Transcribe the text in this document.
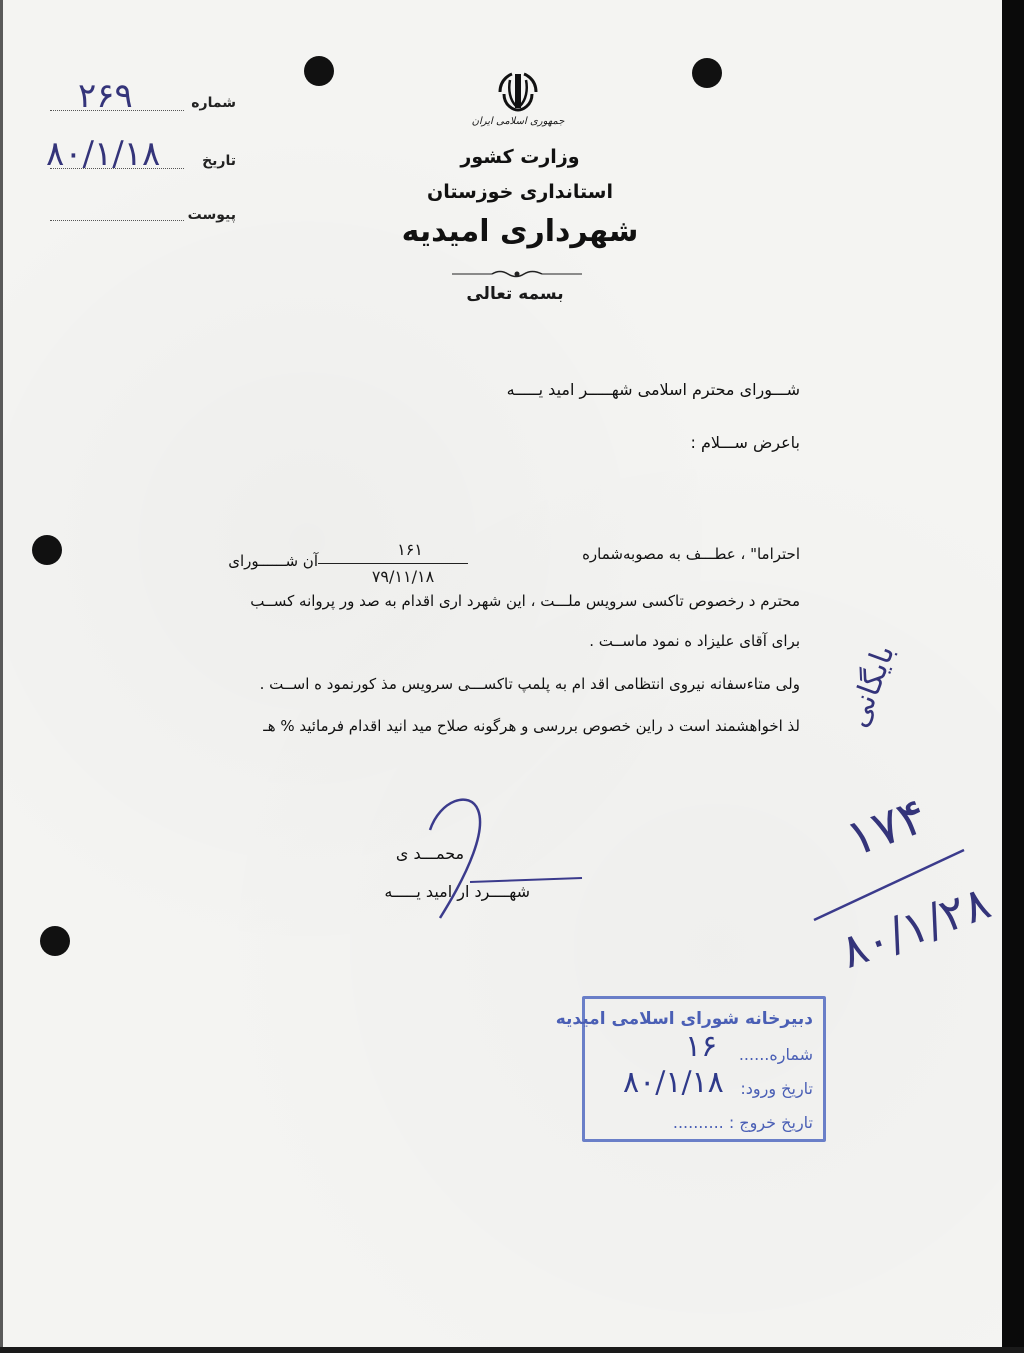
شماره
۲۶۹
تاریخ
۸۰/۱/۱۸
پیوست
جمهوری اسلامی ایران
وزارت کشور
استانداری خوزستان
شهرداری امیدیه
بسمه تعالی
شـــورای محترم اسلامی شهـــــر امید یـــــه
باعرض ســـلام :
احتراما" ، عطـــف به مصوبه‌شماره
۱۶۱
۷۹/۱۱/۱۸
آن شــــــورای
محترم د رخصوص تاکسی سرویس ملـــت ، این شهرد اری اقدام به صد ور پروانه کســب
برای آقای علیزاد ه نمود ماســت .
ولی متاءسفانه نیروی انتظامی اقد ام به پلمپ تاکســـی سرویس مذ کورنمود ه اســت .
لذ اخواهشمند است د راین خصوص بررسی و هرگونه صلاح مید انید اقدام فرمائید % هـ
محمـــد ی
شهــــرد ار امید یـــــه
بایگانی
۱۷۴
۸۰/۱/۲۸
دبیرخانه شورای اسلامی امیدیه
شماره......
۱۶
تاریخ ورود:
۸۰/۱/۱۸
تاریخ خروج : ..........
